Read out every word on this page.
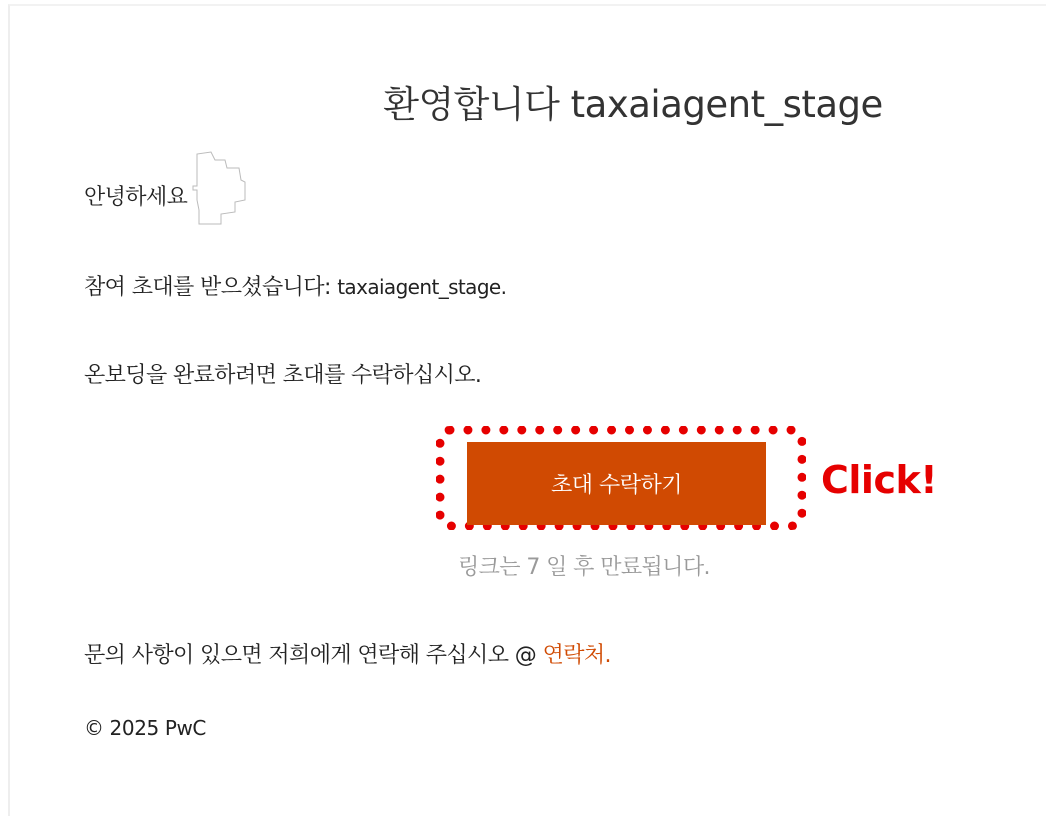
환영합니다 taxaiagent_stage
안녕하세요
참여 초대를 받으셨습니다: taxaiagent_stage.
온보딩을 완료하려면 초대를 수락하십시오.
초대 수락하기	Click!
링크는 7 일 후 만료됩니다.
문의 사항이 있으면 저희에게 연락해 주십시오 @ 연락처.
© 2025 PwC
